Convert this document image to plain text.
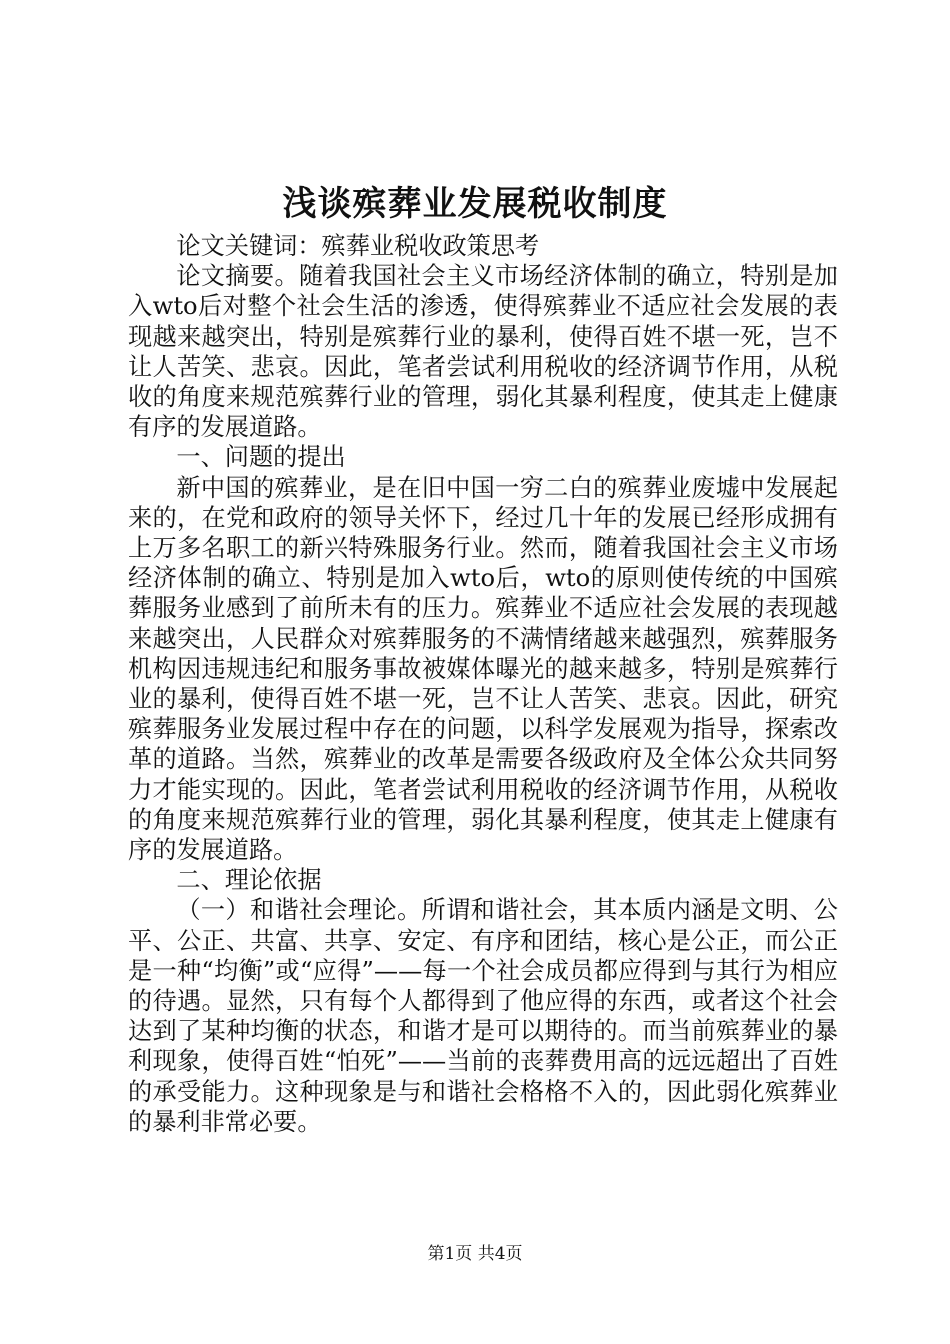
浅谈殡葬业发展税收制度

论文关键词：殡葬业税收政策思考

论文摘要。随着我国社会主义市场经济体制的确立，特别是加入wto后对整个社会生活的渗透，使得殡葬业不适应社会发展的表现越来越突出，特别是殡葬行业的暴利，使得百姓不堪一死，岂不让人苦笑、悲哀。因此，笔者尝试利用税收的经济调节作用，从税收的角度来规范殡葬行业的管理，弱化其暴利程度，使其走上健康有序的发展道路。

一、问题的提出

新中国的殡葬业，是在旧中国一穷二白的殡葬业废墟中发展起来的，在党和政府的领导关怀下，经过几十年的发展已经形成拥有上万多名职工的新兴特殊服务行业。然而，随着我国社会主义市场经济体制的确立、特别是加入wto后，wto的原则使传统的中国殡葬服务业感到了前所未有的压力。殡葬业不适应社会发展的表现越来越突出，人民群众对殡葬服务的不满情绪越来越强烈，殡葬服务机构因违规违纪和服务事故被媒体曝光的越来越多，特别是殡葬行业的暴利，使得百姓不堪一死，岂不让人苦笑、悲哀。因此，研究殡葬服务业发展过程中存在的问题，以科学发展观为指导，探索改革的道路。当然，殡葬业的改革是需要各级政府及全体公众共同努力才能实现的。因此，笔者尝试利用税收的经济调节作用，从税收的角度来规范殡葬行业的管理，弱化其暴利程度，使其走上健康有序的发展道路。

二、理论依据

（一）和谐社会理论。所谓和谐社会，其本质内涵是文明、公平、公正、共富、共享、安定、有序和团结，核心是公正，而公正是一种“均衡”或“应得”——每一个社会成员都应得到与其行为相应的待遇。显然，只有每个人都得到了他应得的东西，或者这个社会达到了某种均衡的状态，和谐才是可以期待的。而当前殡葬业的暴利现象，使得百姓“怕死”——当前的丧葬费用高的远远超出了百姓的承受能力。这种现象是与和谐社会格格不入的，因此弱化殡葬业的暴利非常必要。

第1页 共4页
